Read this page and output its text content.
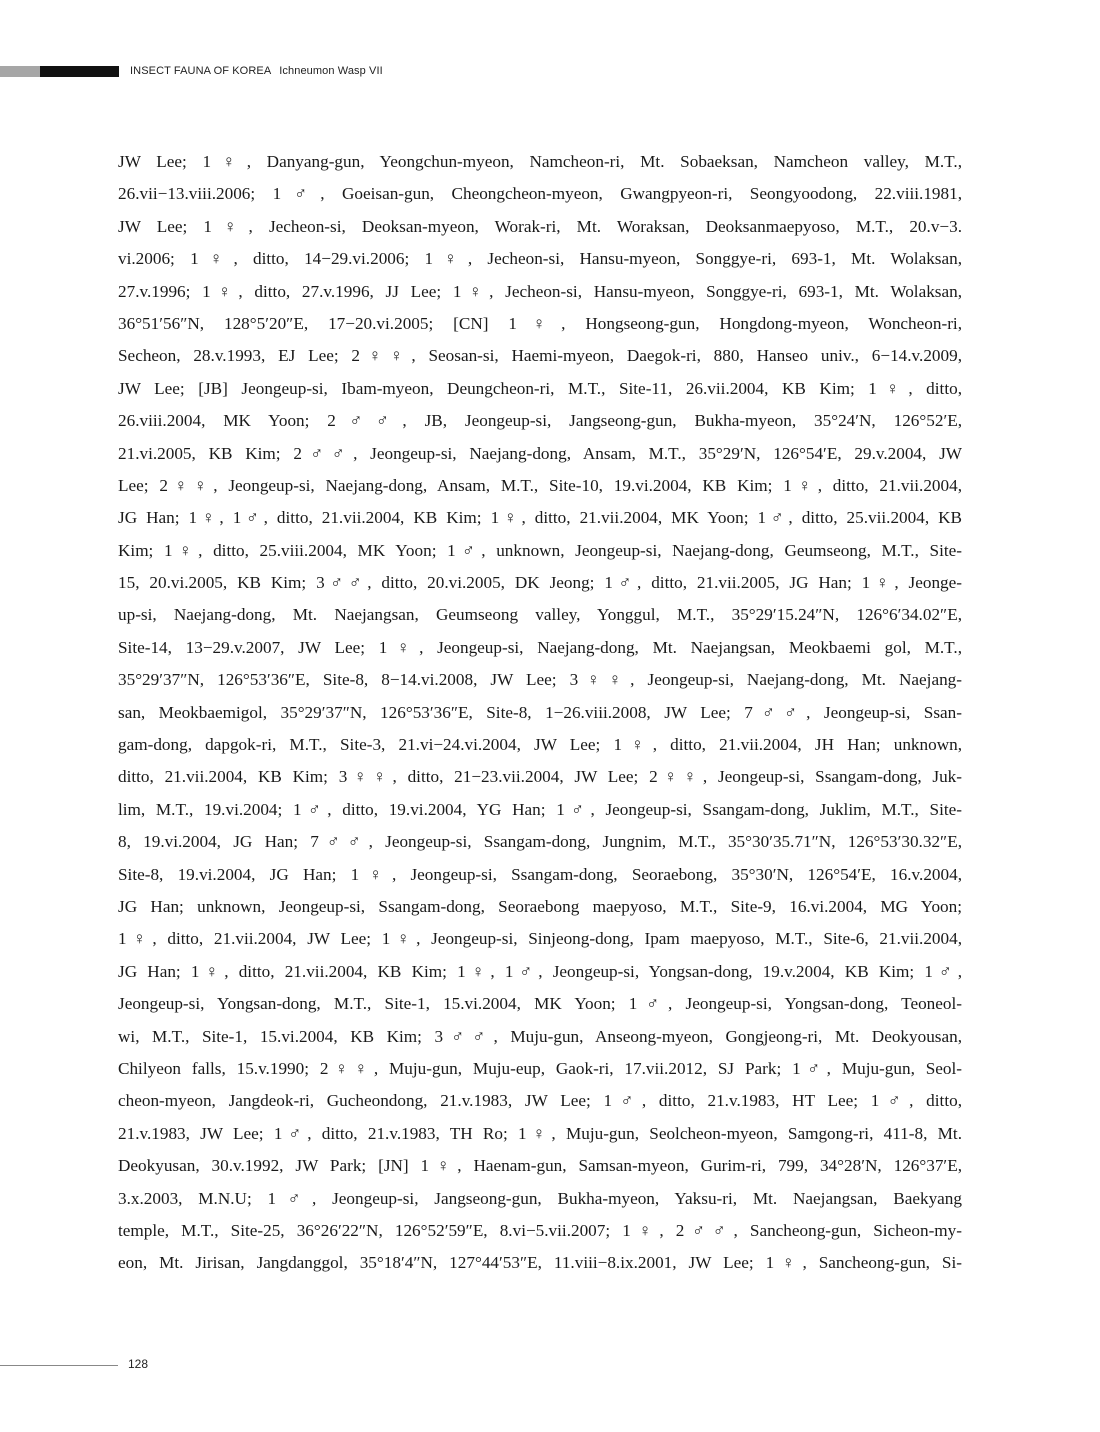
INSECT FAUNA OF KOREA Ichneumon Wasp VII
JW Lee; 1♀, Danyang-gun, Yeongchun-myeon, Namcheon-ri, Mt. Sobaeksan, Namcheon valley, M.T.,
26.vii−13.viii.2006; 1♂, Goeisan-gun, Cheongcheon-myeon, Gwangpyeon-ri, Seongyoodong, 22.viii.1981,
JW Lee; 1♀, Jecheon-si, Deoksan-myeon, Worak-ri, Mt. Woraksan, Deoksanmaepyoso, M.T., 20.v−3.
vi.2006; 1♀, ditto, 14−29.vi.2006; 1♀, Jecheon-si, Hansu-myeon, Songgye-ri, 693-1, Mt. Wolaksan,
27.v.1996; 1♀, ditto, 27.v.1996, JJ Lee; 1♀, Jecheon-si, Hansu-myeon, Songgye-ri, 693-1, Mt. Wolaksan,
36°51′56″N, 128°5′20″E, 17−20.vi.2005; [CN] 1♀, Hongseong-gun, Hongdong-myeon, Woncheon-ri,
Secheon, 28.v.1993, EJ Lee; 2♀♀, Seosan-si, Haemi-myeon, Daegok-ri, 880, Hanseo univ., 6−14.v.2009,
JW Lee; [JB] Jeongeup-si, Ibam-myeon, Deungcheon-ri, M.T., Site-11, 26.vii.2004, KB Kim; 1♀, ditto,
26.viii.2004, MK Yoon; 2♂♂, JB, Jeongeup-si, Jangseong-gun, Bukha-myeon, 35°24′N, 126°52′E,
21.vi.2005, KB Kim; 2♂♂, Jeongeup-si, Naejang-dong, Ansam, M.T., 35°29′N, 126°54′E, 29.v.2004, JW
Lee; 2♀♀, Jeongeup-si, Naejang-dong, Ansam, M.T., Site-10, 19.vi.2004, KB Kim; 1♀, ditto, 21.vii.2004,
JG Han; 1♀, 1♂, ditto, 21.vii.2004, KB Kim; 1♀, ditto, 21.vii.2004, MK Yoon; 1♂, ditto, 25.vii.2004, KB
Kim; 1♀, ditto, 25.viii.2004, MK Yoon; 1♂, unknown, Jeongeup-si, Naejang-dong, Geumseong, M.T., Site-
15, 20.vi.2005, KB Kim; 3♂♂, ditto, 20.vi.2005, DK Jeong; 1♂, ditto, 21.vii.2005, JG Han; 1♀, Jeonge-
up-si, Naejang-dong, Mt. Naejangsan, Geumseong valley, Yonggul, M.T., 35°29′15.24″N, 126°6′34.02″E,
Site-14, 13−29.v.2007, JW Lee; 1♀, Jeongeup-si, Naejang-dong, Mt. Naejangsan, Meokbaemi gol, M.T.,
35°29′37″N, 126°53′36″E, Site-8, 8−14.vi.2008, JW Lee; 3♀♀, Jeongeup-si, Naejang-dong, Mt. Naejang-
san, Meokbaemigol, 35°29′37″N, 126°53′36″E, Site-8, 1−26.viii.2008, JW Lee; 7♂♂, Jeongeup-si, Ssan-
gam-dong, dapgok-ri, M.T., Site-3, 21.vi−24.vi.2004, JW Lee; 1♀, ditto, 21.vii.2004, JH Han; unknown,
ditto, 21.vii.2004, KB Kim; 3♀♀, ditto, 21−23.vii.2004, JW Lee; 2♀♀, Jeongeup-si, Ssangam-dong, Juk-
lim, M.T., 19.vi.2004; 1♂, ditto, 19.vi.2004, YG Han; 1♂, Jeongeup-si, Ssangam-dong, Juklim, M.T., Site-
8, 19.vi.2004, JG Han; 7♂♂, Jeongeup-si, Ssangam-dong, Jungnim, M.T., 35°30′35.71″N, 126°53′30.32″E,
Site-8, 19.vi.2004, JG Han; 1♀, Jeongeup-si, Ssangam-dong, Seoraebong, 35°30′N, 126°54′E, 16.v.2004,
JG Han; unknown, Jeongeup-si, Ssangam-dong, Seoraebong maepyoso, M.T., Site-9, 16.vi.2004, MG Yoon;
1♀, ditto, 21.vii.2004, JW Lee; 1♀, Jeongeup-si, Sinjeong-dong, Ipam maepyoso, M.T., Site-6, 21.vii.2004,
JG Han; 1♀, ditto, 21.vii.2004, KB Kim; 1♀, 1♂, Jeongeup-si, Yongsan-dong, 19.v.2004, KB Kim; 1♂,
Jeongeup-si, Yongsan-dong, M.T., Site-1, 15.vi.2004, MK Yoon; 1♂, Jeongeup-si, Yongsan-dong, Teoneol-
wi, M.T., Site-1, 15.vi.2004, KB Kim; 3♂♂, Muju-gun, Anseong-myeon, Gongjeong-ri, Mt. Deokyousan,
Chilyeon falls, 15.v.1990; 2♀♀, Muju-gun, Muju-eup, Gaok-ri, 17.vii.2012, SJ Park; 1♂, Muju-gun, Seol-
cheon-myeon, Jangdeok-ri, Gucheondong, 21.v.1983, JW Lee; 1♂, ditto, 21.v.1983, HT Lee; 1♂, ditto,
21.v.1983, JW Lee; 1♂, ditto, 21.v.1983, TH Ro; 1♀, Muju-gun, Seolcheon-myeon, Samgong-ri, 411-8, Mt.
Deokyusan, 30.v.1992, JW Park; [JN] 1♀, Haenam-gun, Samsan-myeon, Gurim-ri, 799, 34°28′N, 126°37′E,
3.x.2003, M.N.U; 1♂, Jeongeup-si, Jangseong-gun, Bukha-myeon, Yaksu-ri, Mt. Naejangsan, Baekyang
temple, M.T., Site-25, 36°26′22″N, 126°52′59″E, 8.vi−5.vii.2007; 1♀, 2♂♂, Sancheong-gun, Sicheon-my-
eon, Mt. Jirisan, Jangdanggol, 35°18′4″N, 127°44′53″E, 11.viii−8.ix.2001, JW Lee; 1♀, Sancheong-gun, Si-
128
